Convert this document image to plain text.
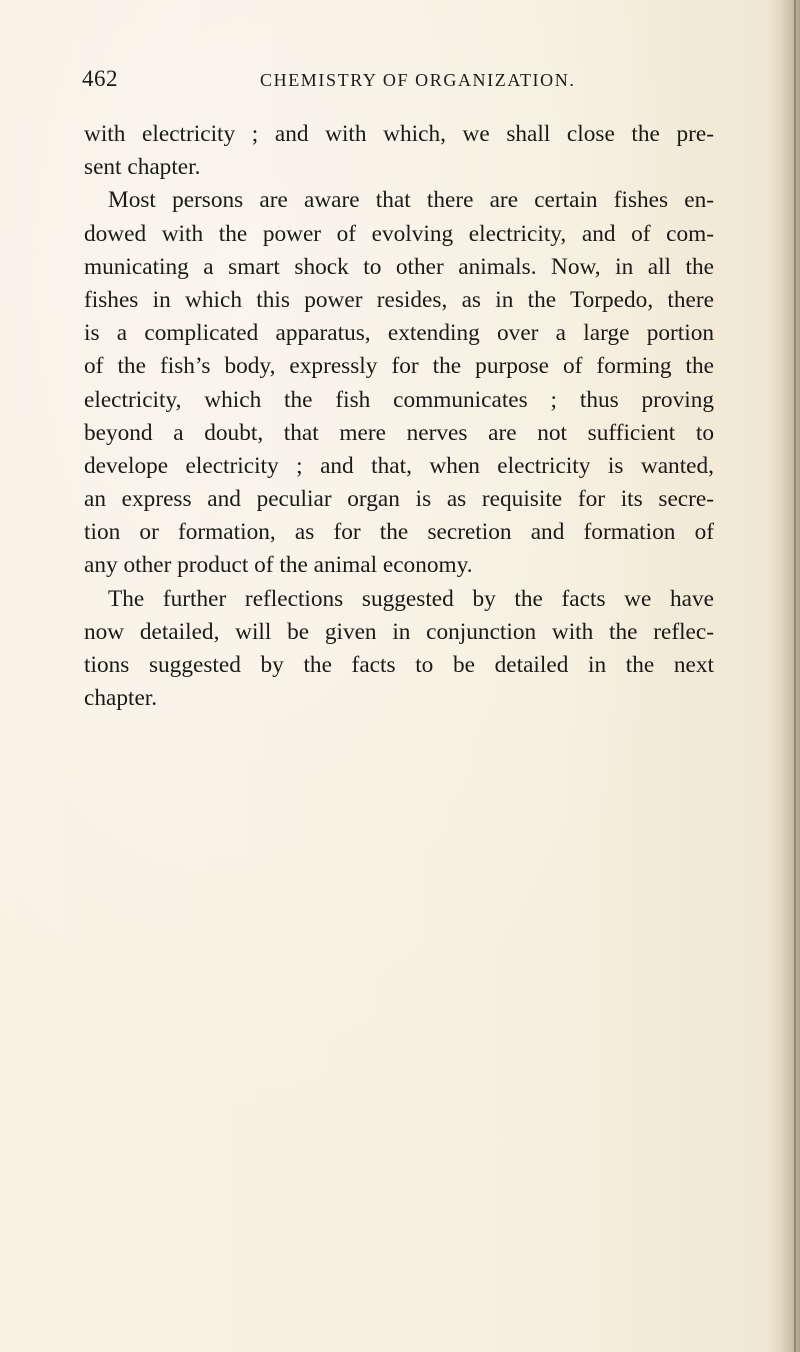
462	CHEMISTRY OF ORGANIZATION.
with electricity ; and with which, we shall close the pre-
sent chapter.
Most persons are aware that there are certain fishes en-
dowed with the power of evolving electricity, and of com-
municating a smart shock to other animals. Now, in all the
fishes in which this power resides, as in the Torpedo, there
is a complicated apparatus, extending over a large portion
of the fish’s body, expressly for the purpose of forming the
electricity, which the fish communicates ; thus proving
beyond a doubt, that mere nerves are not sufficient to
develope electricity ; and that, when electricity is wanted,
an express and peculiar organ is as requisite for its secre-
tion or formation, as for the secretion and formation of
any other product of the animal economy.
The further reflections suggested by the facts we have
now detailed, will be given in conjunction with the reflec-
tions suggested by the facts to be detailed in the next
chapter.
